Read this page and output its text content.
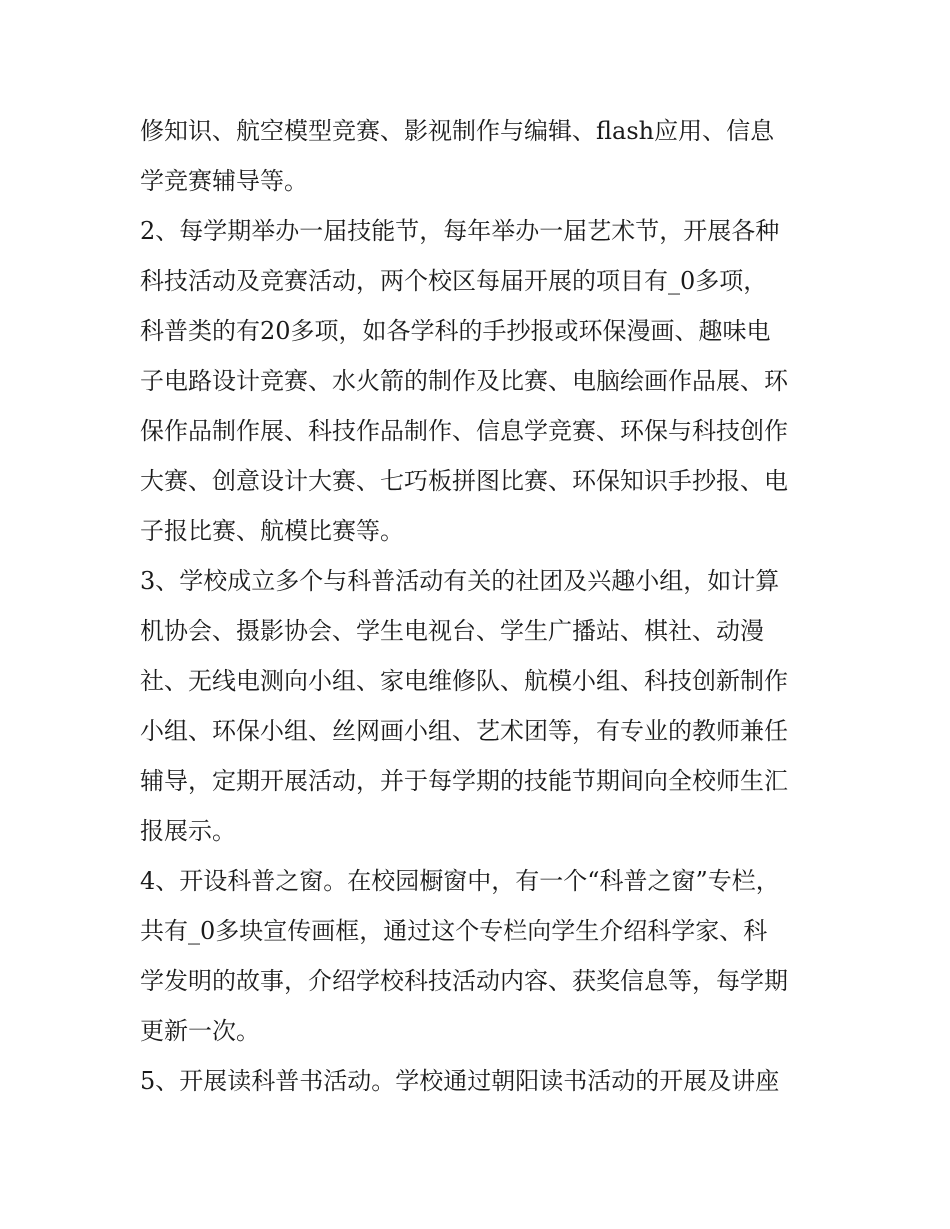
修知识、航空模型竞赛、影视制作与编辑、flash应用、信息
学竞赛辅导等。
2、每学期举办一届技能节，每年举办一届艺术节，开展各种
科技活动及竞赛活动，两个校区每届开展的项目有_0多项，
科普类的有20多项，如各学科的手抄报或环保漫画、趣味电
子电路设计竞赛、水火箭的制作及比赛、电脑绘画作品展、环
保作品制作展、科技作品制作、信息学竞赛、环保与科技创作
大赛、创意设计大赛、七巧板拼图比赛、环保知识手抄报、电
子报比赛、航模比赛等。
3、学校成立多个与科普活动有关的社团及兴趣小组，如计算
机协会、摄影协会、学生电视台、学生广播站、棋社、动漫
社、无线电测向小组、家电维修队、航模小组、科技创新制作
小组、环保小组、丝网画小组、艺术团等，有专业的教师兼任
辅导，定期开展活动，并于每学期的技能节期间向全校师生汇
报展示。
4、开设科普之窗。在校园橱窗中，有一个“科普之窗”专栏，
共有_0多块宣传画框，通过这个专栏向学生介绍科学家、科
学发明的故事，介绍学校科技活动内容、获奖信息等，每学期
更新一次。
5、开展读科普书活动。学校通过朝阳读书活动的开展及讲座
